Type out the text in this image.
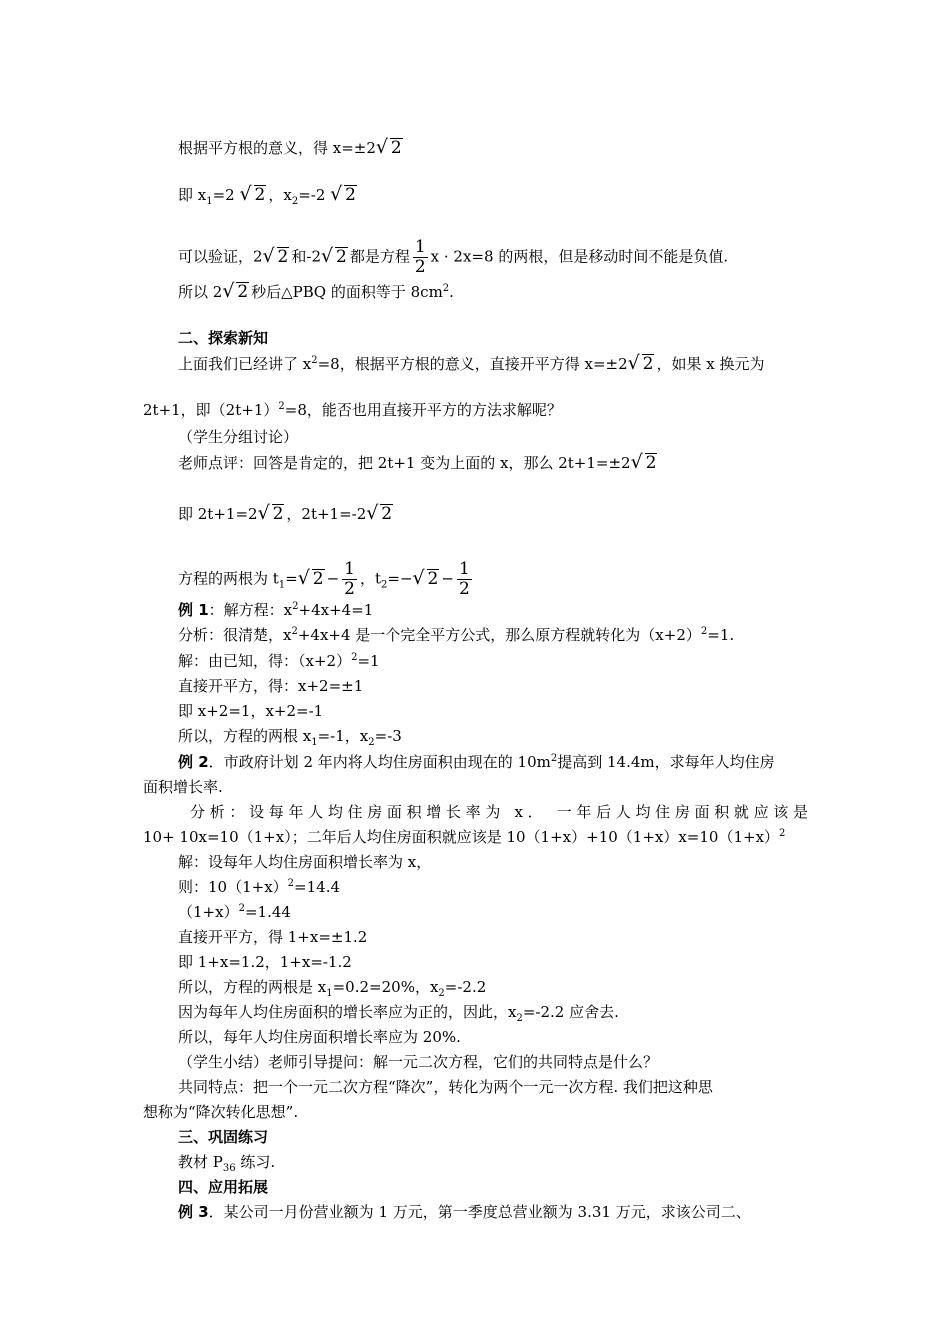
根据平方根的意义，得 x=±2√ 2
即 $x_1=2$ √ 2 ，$x_2=-2$ √ 2
可以验证，2√ 2 和-2√ 2 都是方程 $\frac{1}{2}$ x · 2x=8 的两根，但是移动时间不能是负值.
所以 2√ 2 秒后△PBQ 的面积等于 $8cm^2$.
二、探索新知
上面我们已经讲了 $x^2=8$，根据平方根的意义，直接开平方得 x=±2√ 2 ，如果 x 换元为
2t+1，即$(2t+1)^2=8$，能否也用直接开平方的方法求解呢？
（学生分组讨论）
老师点评：回答是肯定的，把 2t+1 变为上面的 x，那么 2t+1=±2√ 2
即 2t+1=2√ 2 ，2t+1=-2√ 2
方程的两根为 $t_1=√$ $2 - \frac{1}{2}$ ，$t_2=-√$ $2 - \frac{1}{2}$
例 1：解方程：$x^2+4x+4=1$
分析：很清楚，$x^2+4x+4$ 是一个完全平方公式，那么原方程就转化为$(x+2)^2=1$.
解：由已知，得：$(x+2)^2=1$
直接开平方，得：x+2=±1
即 x+2=1，x+2=-1
所以，方程的两根 $x_1=-1$，$x_2=-3$
例 2．市政府计划 2 年内将人均住房面积由现在的 $10m^2$提高到 14.4m，求每年人均住房
面积增长率.
分析：设每年人均住房面积增长率为 x． 一年后人均住房面积就应该是
10+ 10x=10（1+x）；二年后人均住房面积就应该是 $10(1+x)+10(1+x)x=10(1+x)^2$
解：设每年人均住房面积增长率为 x，
则：$10(1+x)^2=14.4$
$(1+x)^2=1.44$
直接开平方，得 1+x=±1.2
即 1+x=1.2，1+x=-1.2
所以，方程的两根是 $x_1=0.2=20\%$，$x_2=-2.2$
因为每年人均住房面积的增长率应为正的，因此，$x_2=-2.2$ 应舍去.
所以，每年人均住房面积增长率应为 20%.
（学生小结）老师引导提问：解一元二次方程，它们的共同特点是什么？
共同特点：把一个一元二次方程“降次”，转化为两个一元一次方程. 我们把这种思
想称为“降次转化思想”.
三、巩固练习
教材 $P_{36}$ 练习.
四、应用拓展
例 3．某公司一月份营业额为 1 万元，第一季度总营业额为 3.31 万元，求该公司二、
